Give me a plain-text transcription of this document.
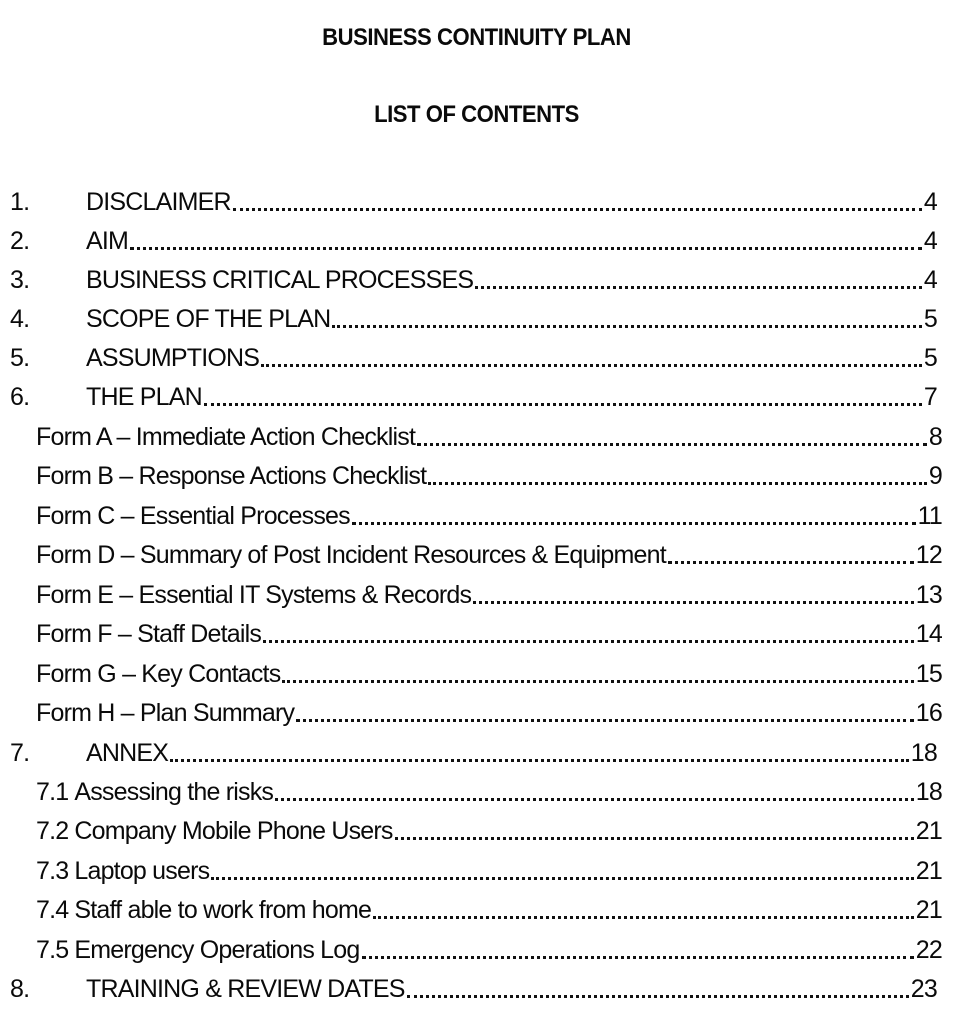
BUSINESS CONTINUITY PLAN
LIST OF CONTENTS
1.	DISCLAIMER	4
2.	AIM	4
3.	BUSINESS CRITICAL PROCESSES	4
4.	SCOPE OF THE PLAN	5
5.	ASSUMPTIONS	5
6.	THE PLAN	7
Form A – Immediate Action Checklist	8
Form B – Response Actions Checklist	9
Form C – Essential Processes	11
Form D – Summary of Post Incident Resources & Equipment	12
Form E – Essential IT Systems & Records	13
Form F – Staff Details	14
Form G – Key Contacts	15
Form H – Plan Summary	16
7.	ANNEX	18
7.1 Assessing the risks	18
7.2 Company Mobile Phone Users	21
7.3 Laptop users	21
7.4 Staff able to work from home	21
7.5 Emergency Operations Log	22
8.	TRAINING & REVIEW DATES	23
